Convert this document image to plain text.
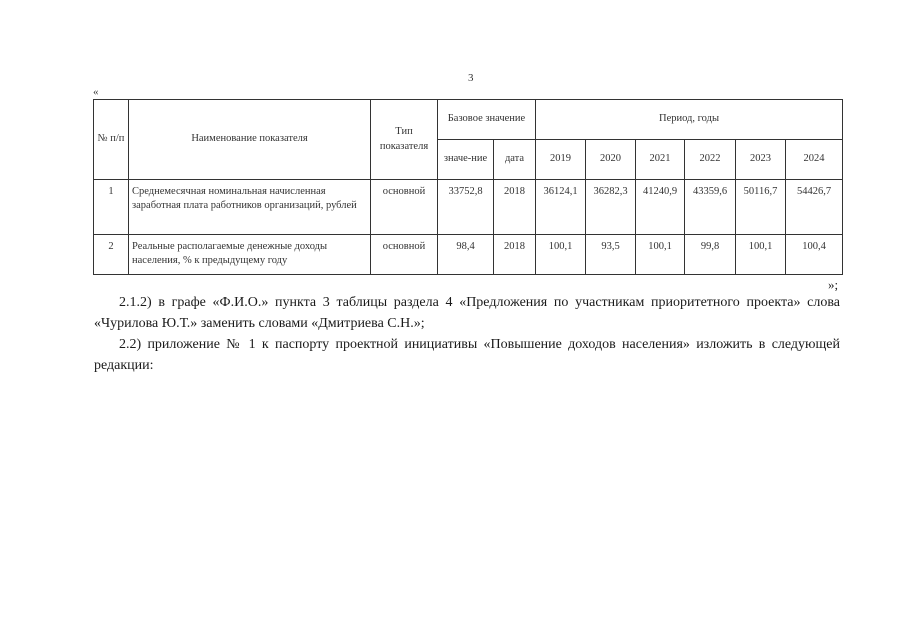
3
«
№ п/п	Наименование показателя	Тип показателя	Базовое значение		Период, годы					
			значе-ние	дата	2019	2020	2021	2022	2023	2024
1	Среднемесячная номинальная начисленная заработная плата работников организаций, рублей	основной	33752,8	2018	36124,1	36282,3	41240,9	43359,6	50116,7	54426,7
2	Реальные располагаемые денежные доходы населения, % к предыдущему году	основной	98,4	2018	100,1	93,5	100,1	99,8	100,1	100,4
»;

2.1.2) в графе «Ф.И.О.» пункта 3 таблицы раздела 4 «Предложения по участникам приоритетного проекта» слова «Чурилова Ю.Т.» заменить словами «Дмитриева С.Н.»;

2.2) приложение № 1 к паспорту проектной инициативы «Повышение доходов населения» изложить в следующей редакции:
